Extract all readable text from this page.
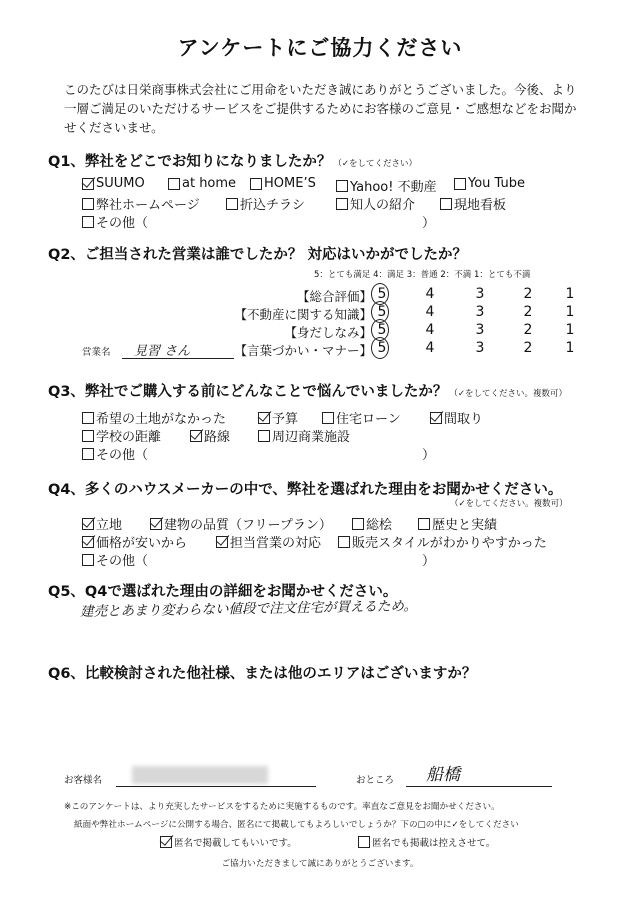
アンケートにご協力ください
このたびは日栄商事株式会社にご用命をいただき誠にありがとうございました。今後、より一層ご満足のいただけるサービスをご提供するためにお客様のご意見・ご感想などをお聞かせくださいませ。
Q1、弊社をどこでお知りになりましたか？ （✓をしてください）
SUUMO	at home HOME’S	Yahoo! 不動産 You Tube
弊社ホームページ	折込チラシ	知人の紹介	現地看板
その他（	）
Q2、ご担当された営業は誰でしたか？ 対応はいかがでしたか？
5：とても満足 4：満足 3：普通 2：不満 1：とても不満
【総合評価】 5	4	3	2	1
【不動産に関する知識】 5	4	3	2	1
【身だしなみ】 5	4	3	2	1
営業名 見習 さん	【言葉づかい・マナー】 5	4	3	2	1
Q3、弊社でご購入する前にどんなことで悩んでいましたか？ （✓をしてください。複数可）
希望の土地がなかった	予算	住宅ローン	間取り
学校の距離	路線	周辺商業施設
その他（	）
Q4、多くのハウスメーカーの中で、弊社を選ばれた理由をお聞かせください。
（✓をしてください。複数可）
立地	建物の品質（フリープラン）	総桧	歴史と実績
価格が安いから	担当営業の対応 販売スタイルがわかりやすかった
その他（	）
Q5、Q4で選ばれた理由の詳細をお聞かせください。
建売とあまり変わらない値段で注文住宅が買えるため。
Q6、比較検討された他社様、または他のエリアはございますか？
お客様名	おところ 船橋
※このアンケートは、より充実したサービスをするために実施するものです。率直なご意見をお聞かせください。
紙面や弊社ホームページに公開する場合、匿名にて掲載してもよろしいでしょうか？下の□の中に✓をしてください
匿名で掲載してもいいです。	匿名でも掲載は控えさせて。
ご協力いただきまして誠にありがとうございます。
